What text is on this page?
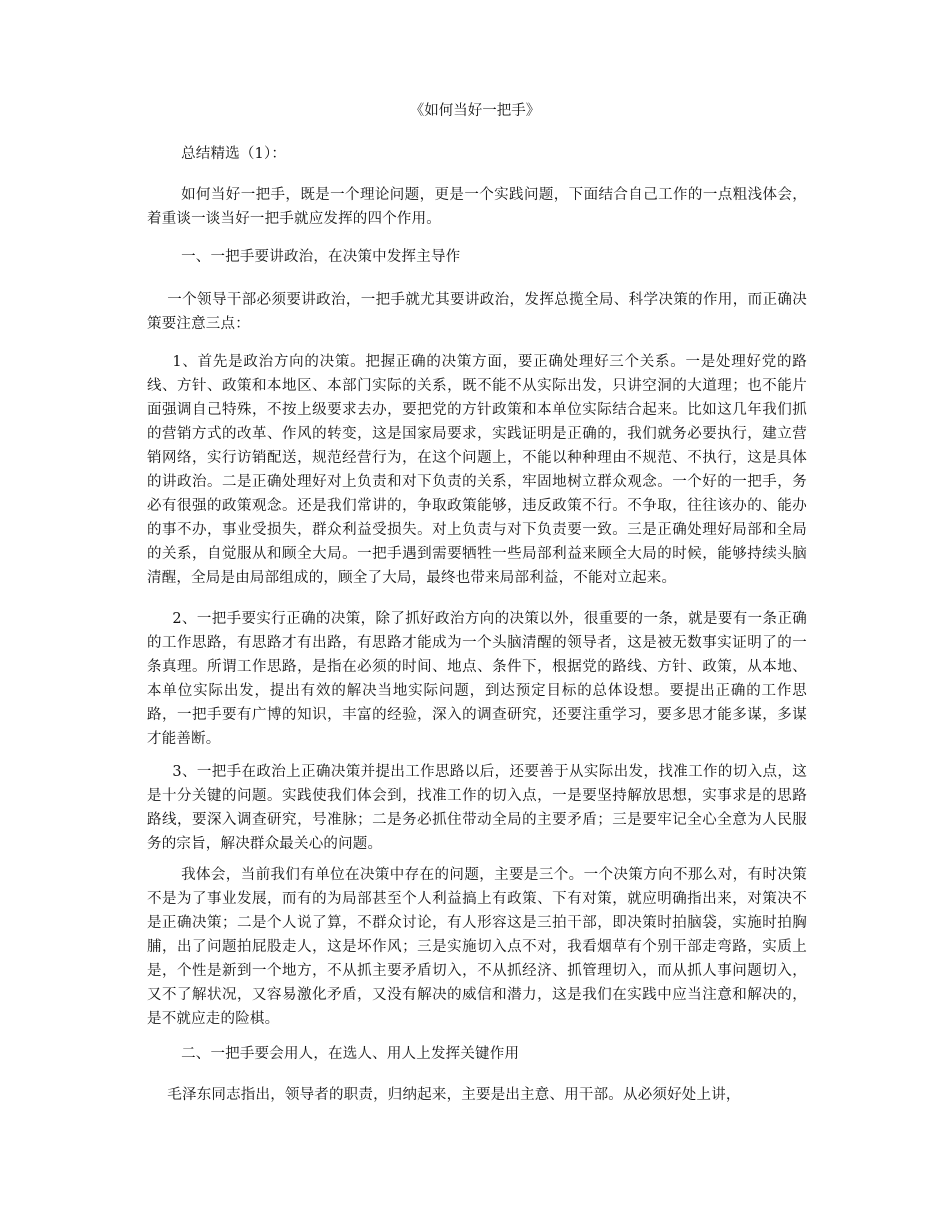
《如何当好一把手》

总结精选（1）：

如何当好一把手，既是一个理论问题，更是一个实践问题，下面结合自己工作的一点粗浅体会，着重谈一谈当好一把手就应发挥的四个作用。

一、一把手要讲政治，在决策中发挥主导作

一个领导干部必须要讲政治，一把手就尤其要讲政治，发挥总揽全局、科学决策的作用，而正确决策要注意三点：

1、首先是政治方向的决策。把握正确的决策方面，要正确处理好三个关系。一是处理好党的路线、方针、政策和本地区、本部门实际的关系，既不能不从实际出发，只讲空洞的大道理；也不能片面强调自己特殊，不按上级要求去办，要把党的方针政策和本单位实际结合起来。比如这几年我们抓的营销方式的改革、作风的转变，这是国家局要求，实践证明是正确的，我们就务必要执行，建立营销网络，实行访销配送，规范经营行为，在这个问题上，不能以种种理由不规范、不执行，这是具体的讲政治。二是正确处理好对上负责和对下负责的关系，牢固地树立群众观念。一个好的一把手，务必有很强的政策观念。还是我们常讲的，争取政策能够，违反政策不行。不争取，往往该办的、能办的事不办，事业受损失，群众利益受损失。对上负责与对下负责要一致。三是正确处理好局部和全局的关系，自觉服从和顾全大局。一把手遇到需要牺牲一些局部利益来顾全大局的时候，能够持续头脑清醒，全局是由局部组成的，顾全了大局，最终也带来局部利益，不能对立起来。

2、一把手要实行正确的决策，除了抓好政治方向的决策以外，很重要的一条，就是要有一条正确的工作思路，有思路才有出路，有思路才能成为一个头脑清醒的领导者，这是被无数事实证明了的一条真理。所谓工作思路，是指在必须的时间、地点、条件下，根据党的路线、方针、政策，从本地、本单位实际出发，提出有效的解决当地实际问题，到达预定目标的总体设想。要提出正确的工作思路，一把手要有广博的知识，丰富的经验，深入的调查研究，还要注重学习，要多思才能多谋，多谋才能善断。

3、一把手在政治上正确决策并提出工作思路以后，还要善于从实际出发，找准工作的切入点，这是十分关键的问题。实践使我们体会到，找准工作的切入点，一是要坚持解放思想，实事求是的思路路线，要深入调查研究，号准脉；二是务必抓住带动全局的主要矛盾；三是要牢记全心全意为人民服务的宗旨，解决群众最关心的问题。

我体会，当前我们有单位在决策中存在的问题，主要是三个。一个决策方向不那么对，有时决策不是为了事业发展，而有的为局部甚至个人利益搞上有政策、下有对策，就应明确指出来，对策决不是正确决策；二是个人说了算，不群众讨论，有人形容这是三拍干部，即决策时拍脑袋，实施时拍胸脯，出了问题拍屁股走人，这是坏作风；三是实施切入点不对，我看烟草有个别干部走弯路，实质上是，个性是新到一个地方，不从抓主要矛盾切入，不从抓经济、抓管理切入，而从抓人事问题切入，又不了解状况，又容易激化矛盾，又没有解决的威信和潜力，这是我们在实践中应当注意和解决的，是不就应走的险棋。

二、一把手要会用人，在选人、用人上发挥关键作用

毛泽东同志指出，领导者的职责，归纳起来，主要是出主意、用干部。从必须好处上讲，
